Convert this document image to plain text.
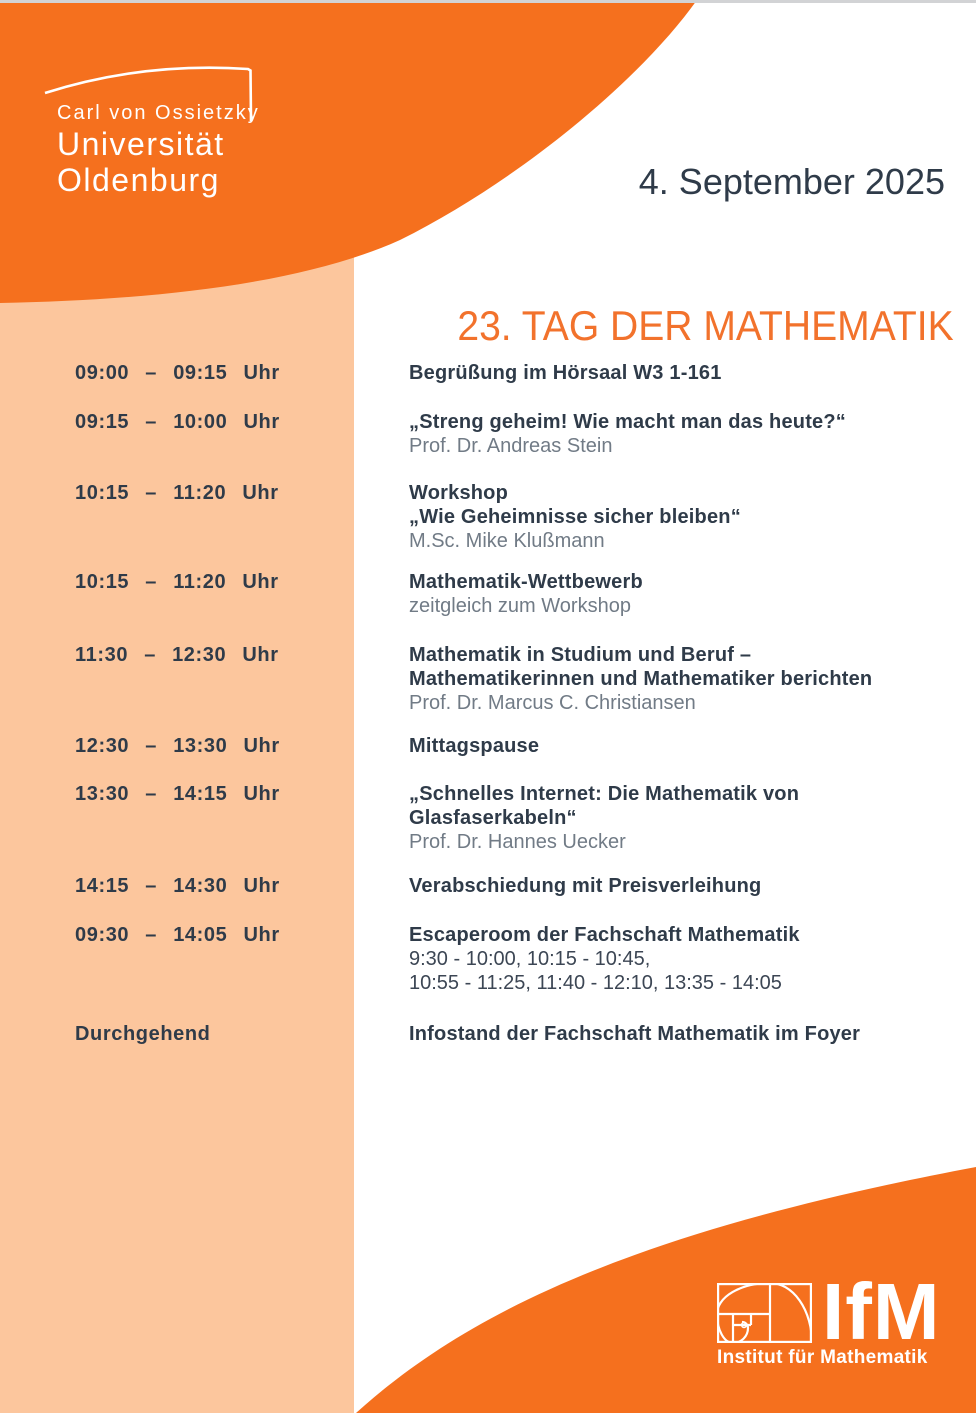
Carl von Ossietzky
Universität
Oldenburg	4. September 2025
23. TAG DER MATHEMATIK
09:00 – 09:15 Uhr	Begrüßung im Hörsaal W3 1-161
09:15 – 10:00 Uhr	„Streng geheim! Wie macht man das heute?“
Prof. Dr. Andreas Stein
10:15 – 11:20 Uhr	Workshop
„Wie Geheimnisse sicher bleiben“
M.Sc. Mike Klußmann
10:15 – 11:20 Uhr	Mathematik-Wettbewerb
zeitgleich zum Workshop
11:30 – 12:30 Uhr	Mathematik in Studium und Beruf –
Mathematikerinnen und Mathematiker berichten
Prof. Dr. Marcus C. Christiansen
12:30 – 13:30 Uhr	Mittagspause
13:30 – 14:15 Uhr	„Schnelles Internet: Die Mathematik von
Glasfaserkabeln“
Prof. Dr. Hannes Uecker
14:15 – 14:30 Uhr	Verabschiedung mit Preisverleihung
09:30 – 14:05 Uhr	Escaperoom der Fachschaft Mathematik
9:30 - 10:00, 10:15 - 10:45,
10:55 - 11:25, 11:40 - 12:10, 13:35 - 14:05
Durchgehend	Infostand der Fachschaft Mathematik im Foyer
IfM
Institut für Mathematik
